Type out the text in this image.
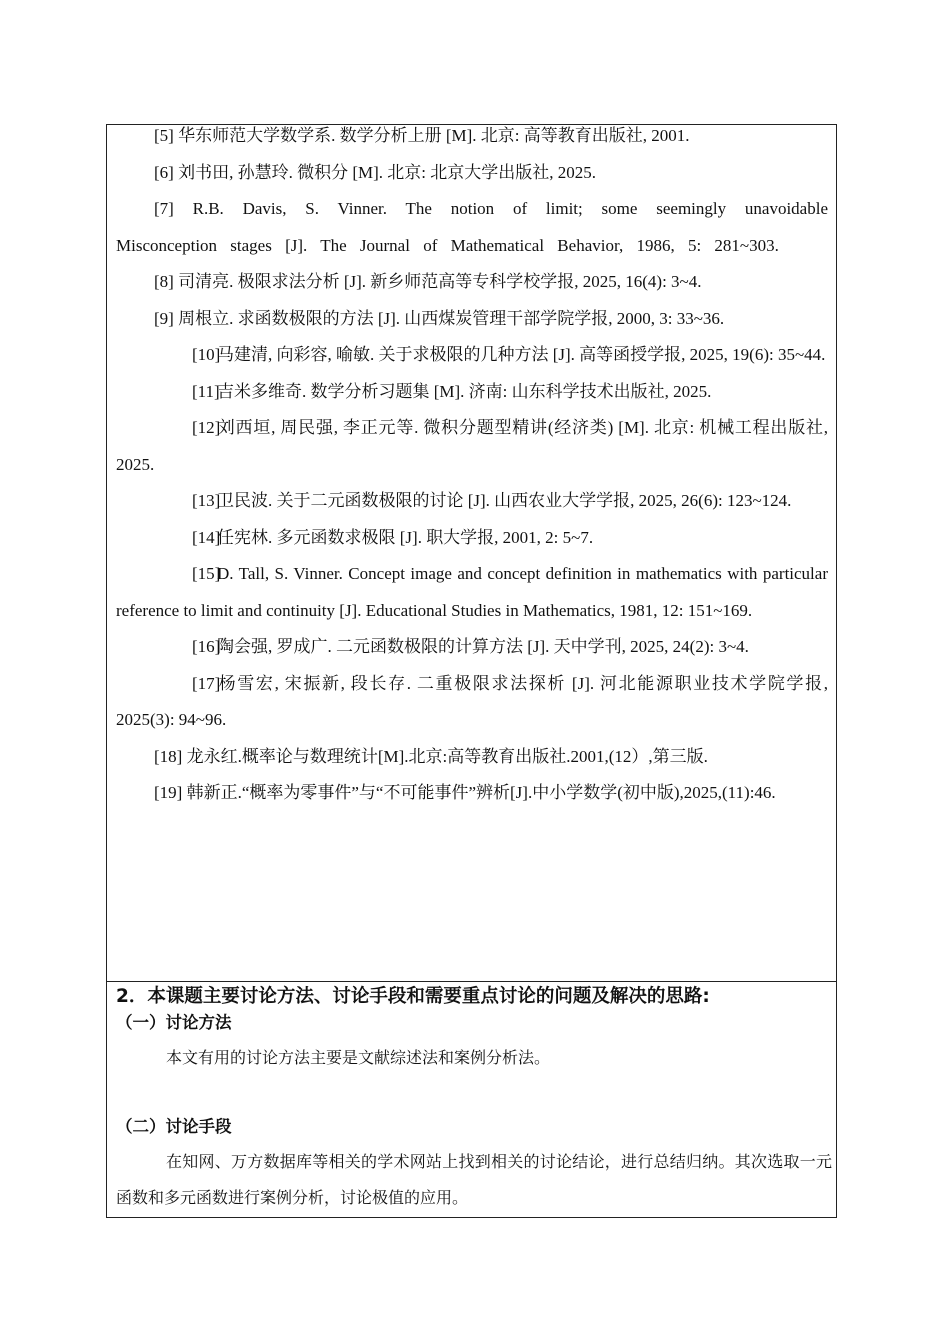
[5] 华东师范大学数学系. 数学分析上册 [M]. 北京: 高等教育出版社, 2001.

[6] 刘书田, 孙慧玲. 微积分 [M]. 北京: 北京大学出版社, 2025.

[7] R.B. Davis, S. Vinner. The notion of limit; some seemingly unavoidable Misconception stages [J]. The Journal of Mathematical Behavior, 1986, 5: 281~303.

[8] 司清亮. 极限求法分析 [J]. 新乡师范高等专科学校学报, 2025, 16(4): 3~4.

[9] 周根立. 求函数极限的方法 [J]. 山西煤炭管理干部学院学报, 2000, 3: 33~36.

[10]马建清, 向彩容, 喻敏. 关于求极限的几种方法 [J]. 高等函授学报, 2025, 19(6): 35~44.

[11]吉米多维奇. 数学分析习题集 [M]. 济南: 山东科学技术出版社, 2025.

[12]刘西垣, 周民强, 李正元等. 微积分题型精讲(经济类) [M]. 北京: 机械工程出版社, 2025.

[13]卫民波. 关于二元函数极限的讨论 [J]. 山西农业大学学报, 2025, 26(6): 123~124.

[14]任宪林. 多元函数求极限 [J]. 职大学报, 2001, 2: 5~7.

[15]D. Tall, S. Vinner. Concept image and concept definition in mathematics with particular reference to limit and continuity [J]. Educational Studies in Mathematics, 1981, 12: 151~169.

[16]陶会强, 罗成广. 二元函数极限的计算方法 [J]. 天中学刊, 2025, 24(2): 3~4.

[17]杨雪宏, 宋振新, 段长存. 二重极限求法探析 [J]. 河北能源职业技术学院学报, 2025(3): 94~96.

[18] 龙永红.概率论与数理统计[M].北京:高等教育出版社.2001,(12）,第三版.

[19] 韩新正.“概率为零事件”与“不可能事件”辨析[J].中小学数学(初中版),2025,(11):46.

2．本课题主要讨论方法、讨论手段和需要重点讨论的问题及解决的思路:

（一）讨论方法

本文有用的讨论方法主要是文献综述法和案例分析法。

（二）讨论手段

在知网、万方数据库等相关的学术网站上找到相关的讨论结论，进行总结归纳。其次选取一元函数和多元函数进行案例分析，讨论极值的应用。
